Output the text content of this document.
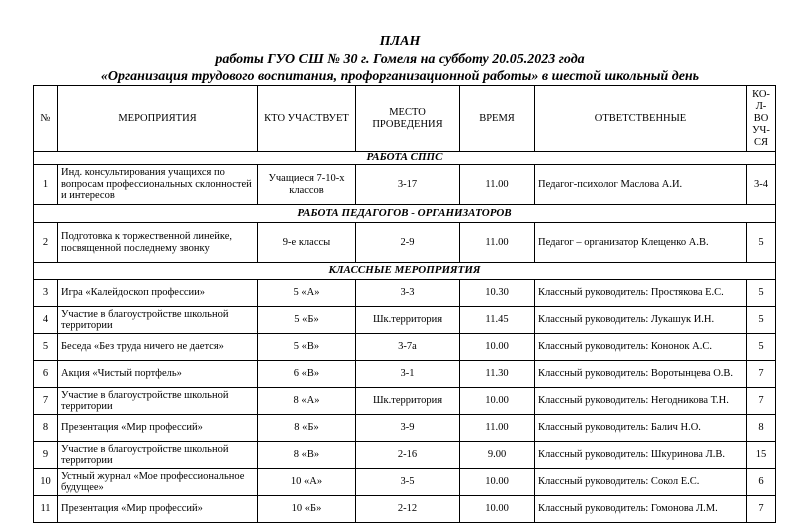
ПЛАН
работы ГУО СШ № 30 г. Гомеля на субботу 20.05.2023 года
«Организация трудового воспитания, профорганизационной работы» в шестой школьный день
№	МЕРОПРИЯТИЯ	КТО УЧАСТВУЕТ	МЕСТО ПРОВЕДЕНИЯ	ВРЕМЯ	ОТВЕТСТВЕННЫЕ	КО-Л-ВО УЧ-СЯ
РАБОТА СППС						
1	Инд. консультирования учащихся по вопросам профессиональных склонностей и интересов	Учащиеся 7-10-х классов	3-17	11.00	Педагог-психолог Маслова А.И.	3-4
РАБОТА ПЕДАГОГОВ - ОРГАНИЗАТОРОВ						
2	Подготовка к торжественной линейке, посвященной последнему звонку	9-е классы	2-9	11.00	Педагог – организатор Клещенко А.В.	5
КЛАССНЫЕ МЕРОПРИЯТИЯ						
3	Игра «Калейдоскоп профессии»	5 «А»	3-3	10.30	Классный руководитель: Простякова Е.С.	5
4	Участие в благоустройстве школьной территории	5 «Б»	Шк.территория	11.45	Классный руководитель: Лукашук И.Н.	5
5	Беседа «Без труда ничего не дается»	5 «В»	3-7а	10.00	Классный руководитель: Кононок А.С.	5
6	Акция «Чистый портфель»	6 «В»	3-1	11.30	Классный руководитель: Воротынцева О.В.	7
7	Участие в благоустройстве школьной территории	8 «А»	Шк.территория	10.00	Классный руководитель: Негодникова Т.Н.	7
8	Презентация «Мир профессий»	8 «Б»	3-9	11.00	Классный руководитель: Балич Н.О.	8
9	Участие в благоустройстве школьной территории	8 «В»	2-16	9.00	Классный руководитель: Шкуринова Л.В.	15
10	Устный журнал «Мое профессиональное будущее»	10 «А»	3-5	10.00	Классный руководитель: Сокол Е.С.	6
11	Презентация «Мир профессий»	10 «Б»	2-12	10.00	Классный руководитель: Гомонова Л.М.	7
